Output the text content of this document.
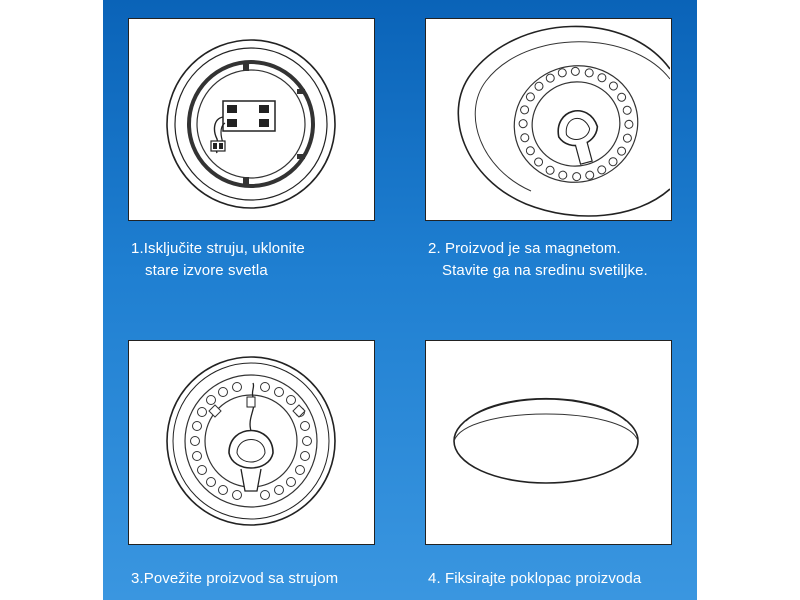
1.Isključite struju, uklonite
stare izvore svetla
2. Proizvod je sa magnetom.
Stavite ga na sredinu svetiljke.
3.Povežite proizvod sa strujom	4. Fiksirajte poklopac proizvoda
